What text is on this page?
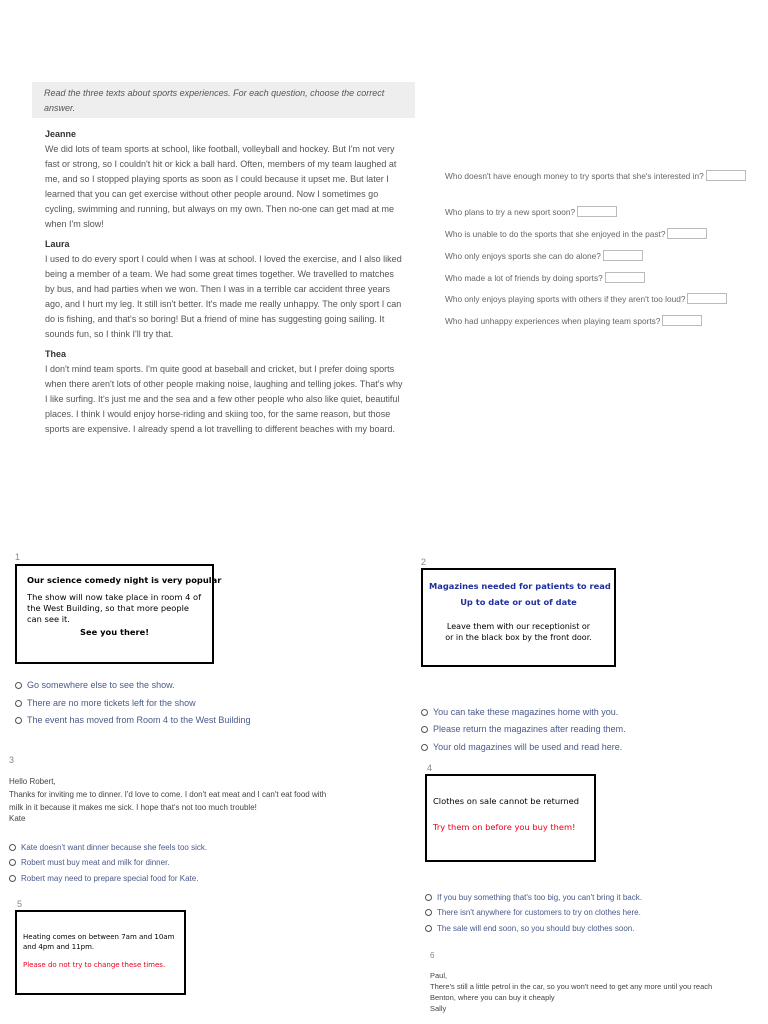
Read the three texts about sports experiences. For each question, choose the correct answer.
Jeanne

We did lots of team sports at school, like football, volleyball and hockey. But I'm not very fast or strong, so I couldn't hit or kick a ball hard. Often, members of my team laughed at me, and so I stopped playing sports as soon as I could because it upset me. But later I learned that you can get exercise without other people around. Now I sometimes go cycling, swimming and running, but always on my own. Then no-one can get mad at me when I'm slow!

Laura

I used to do every sport I could when I was at school. I loved the exercise, and I also liked being a member of a team. We had some great times together. We travelled to matches by bus, and had parties when we won. Then I was in a terrible car accident three years ago, and I hurt my leg. It still isn't better. It's made me really unhappy. The only sport I can do is fishing, and that's so boring! But a friend of mine has suggesting going sailing. It sounds fun, so I think I'll try that.

Thea

I don't mind team sports. I'm quite good at baseball and cricket, but I prefer doing sports when there aren't lots of other people making noise, laughing and telling jokes. That's why I like surfing. It's just me and the sea and a few other people who also like quiet, beautiful places. I think I would enjoy horse-riding and skiing too, for the same reason, but those sports are expensive. I already spend a lot travelling to different beaches with my board.

Who doesn't have enough money to try sports that she's interested in?
Who plans to try a new sport soon?
Who is unable to do the sports that she enjoyed in the past?
Who only enjoys sports she can do alone?
Who made a lot of friends by doing sports?
Who only enjoys playing sports with others if they aren't too loud?
Who had unhappy experiences when playing team sports?
1
Our science comedy night is very popular
The show will now take place in room 4 of the West Building, so that more people can see it.
See you there!
Go somewhere else to see the show.
There are no more tickets left for the show
The event has moved from Room 4 to the West Building
2
Magazines needed for patients to read
Up to date or out of date
Leave them with our receptionist or
or in the black box by the front door.
You can take these magazines home with you.
Please return the magazines after reading them.
Your old magazines will be used and read here.
3
Hello Robert,
Thanks for inviting me to dinner. I'd love to come. I don't eat meat and I can't eat food with
milk in it because it makes me sick. I hope that's not too much trouble!
Kate
Kate doesn't want dinner because she feels too sick.
Robert must buy meat and milk for dinner.
Robert may need to prepare special food for Kate.
4
Clothes on sale cannot be returned
Try them on before you buy them!
If you buy something that's too big, you can't bring it back.
There isn't anywhere for customers to try on clothes here.
The sale will end soon, so you should buy clothes soon.
5
Heating comes on between 7am and 10am
and 4pm and 11pm.
Please do not try to change these times.
6
Paul,
There's still a little petrol in the car, so you won't need to get any more until you reach
Benton, where you can buy it cheaply
Sally
